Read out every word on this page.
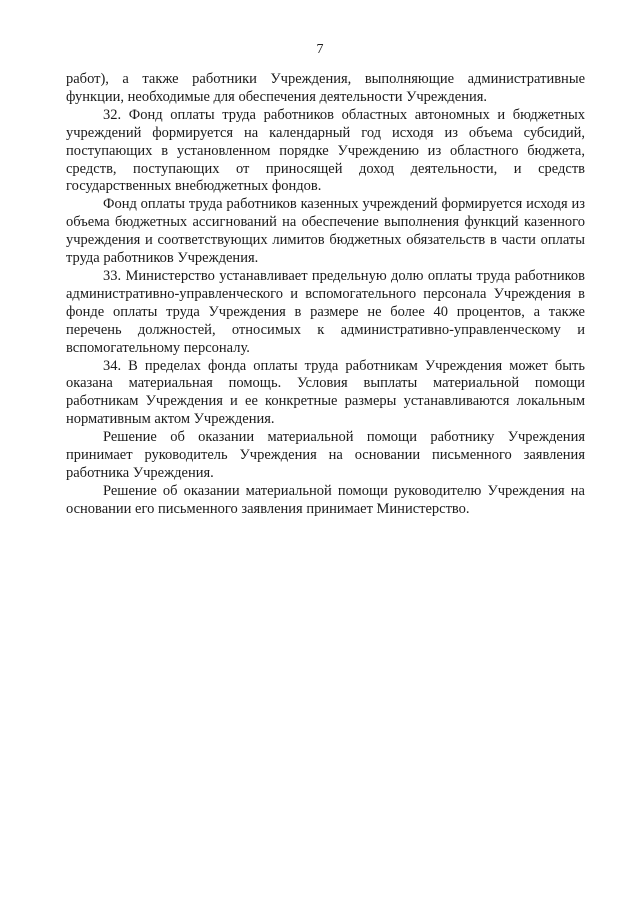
7

работ), а также работники Учреждения, выполняющие административные функции, необходимые для обеспечения деятельности Учреждения.

32. Фонд оплаты труда работников областных автономных и бюджетных учреждений формируется на календарный год исходя из объема субсидий, поступающих в установленном порядке Учреждению из областного бюджета, средств, поступающих от приносящей доход деятельности, и средств государственных внебюджетных фондов.

Фонд оплаты труда работников казенных учреждений формируется исходя из объема бюджетных ассигнований на обеспечение выполнения функций казенного учреждения и соответствующих лимитов бюджетных обязательств в части оплаты труда работников Учреждения.

33. Министерство устанавливает предельную долю оплаты труда работников административно-управленческого и вспомогательного персонала Учреждения в фонде оплаты труда Учреждения в размере не более 40 процентов, а также перечень должностей, относимых к административно-управленческому и вспомогательному персоналу.

34. В пределах фонда оплаты труда работникам Учреждения может быть оказана материальная помощь. Условия выплаты материальной помощи работникам Учреждения и ее конкретные размеры устанавливаются локальным нормативным актом Учреждения.

Решение об оказании материальной помощи работнику Учреждения принимает руководитель Учреждения на основании письменного заявления работника Учреждения.

Решение об оказании материальной помощи руководителю Учреждения на основании его письменного заявления принимает Министерство.
